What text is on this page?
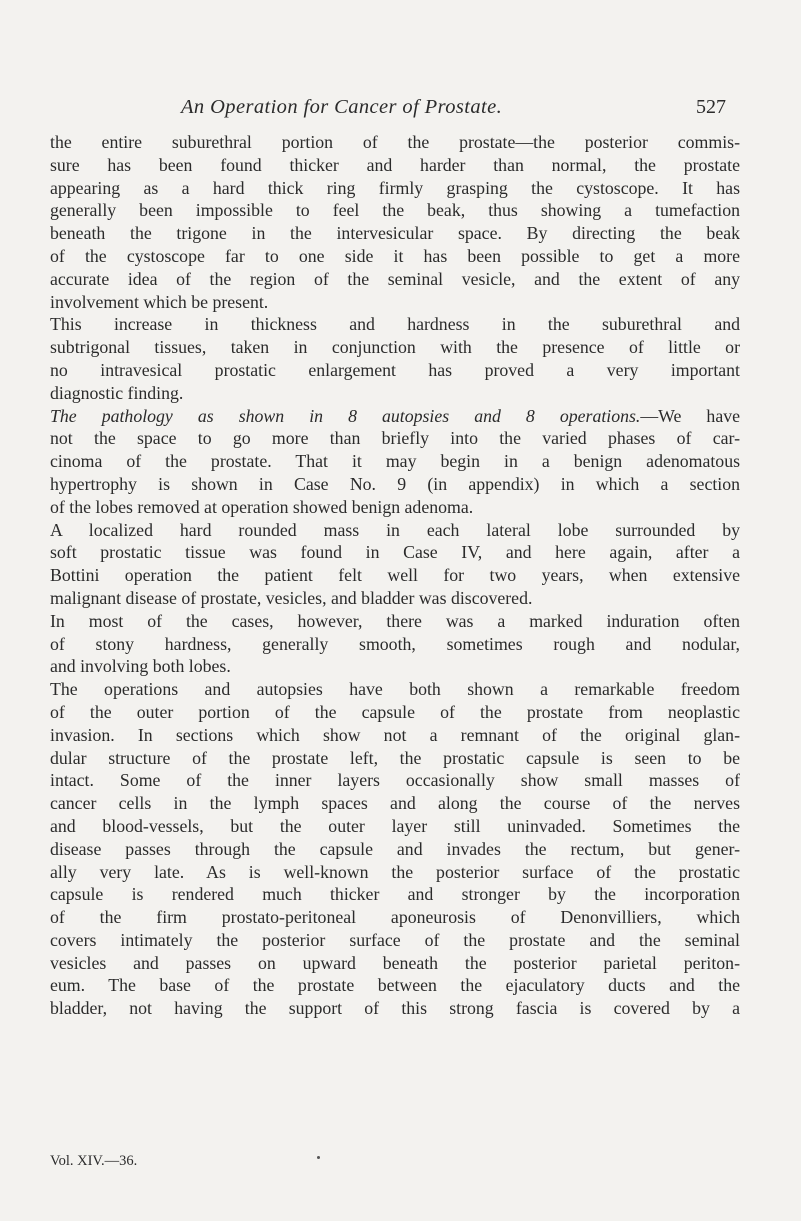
An Operation for Cancer of Prostate.	527
the entire suburethral portion of the prostate—the posterior commis-
sure has been found thicker and harder than normal, the prostate
appearing as a hard thick ring firmly grasping the cystoscope. It has
generally been impossible to feel the beak, thus showing a tumefaction
beneath the trigone in the intervesicular space. By directing the beak
of the cystoscope far to one side it has been possible to get a more
accurate idea of the region of the seminal vesicle, and the extent of any
involvement which be present.
This increase in thickness and hardness in the suburethral and
subtrigonal tissues, taken in conjunction with the presence of little or
no intravesical prostatic enlargement has proved a very important
diagnostic finding.
The pathology as shown in 8 autopsies and 8 operations.—We have
not the space to go more than briefly into the varied phases of car-
cinoma of the prostate. That it may begin in a benign adenomatous
hypertrophy is shown in Case No. 9 (in appendix) in which a section
of the lobes removed at operation showed benign adenoma.
A localized hard rounded mass in each lateral lobe surrounded by
soft prostatic tissue was found in Case IV, and here again, after a
Bottini operation the patient felt well for two years, when extensive
malignant disease of prostate, vesicles, and bladder was discovered.
In most of the cases, however, there was a marked induration often
of stony hardness, generally smooth, sometimes rough and nodular,
and involving both lobes.
The operations and autopsies have both shown a remarkable freedom
of the outer portion of the capsule of the prostate from neoplastic
invasion. In sections which show not a remnant of the original glan-
dular structure of the prostate left, the prostatic capsule is seen to be
intact. Some of the inner layers occasionally show small masses of
cancer cells in the lymph spaces and along the course of the nerves
and blood-vessels, but the outer layer still uninvaded. Sometimes the
disease passes through the capsule and invades the rectum, but gener-
ally very late. As is well-known the posterior surface of the prostatic
capsule is rendered much thicker and stronger by the incorporation
of the firm prostato-peritoneal aponeurosis of Denonvilliers, which
covers intimately the posterior surface of the prostate and the seminal
vesicles and passes on upward beneath the posterior parietal periton-
eum. The base of the prostate between the ejaculatory ducts and the
bladder, not having the support of this strong fascia is covered by a
Vol. XIV.—36.
